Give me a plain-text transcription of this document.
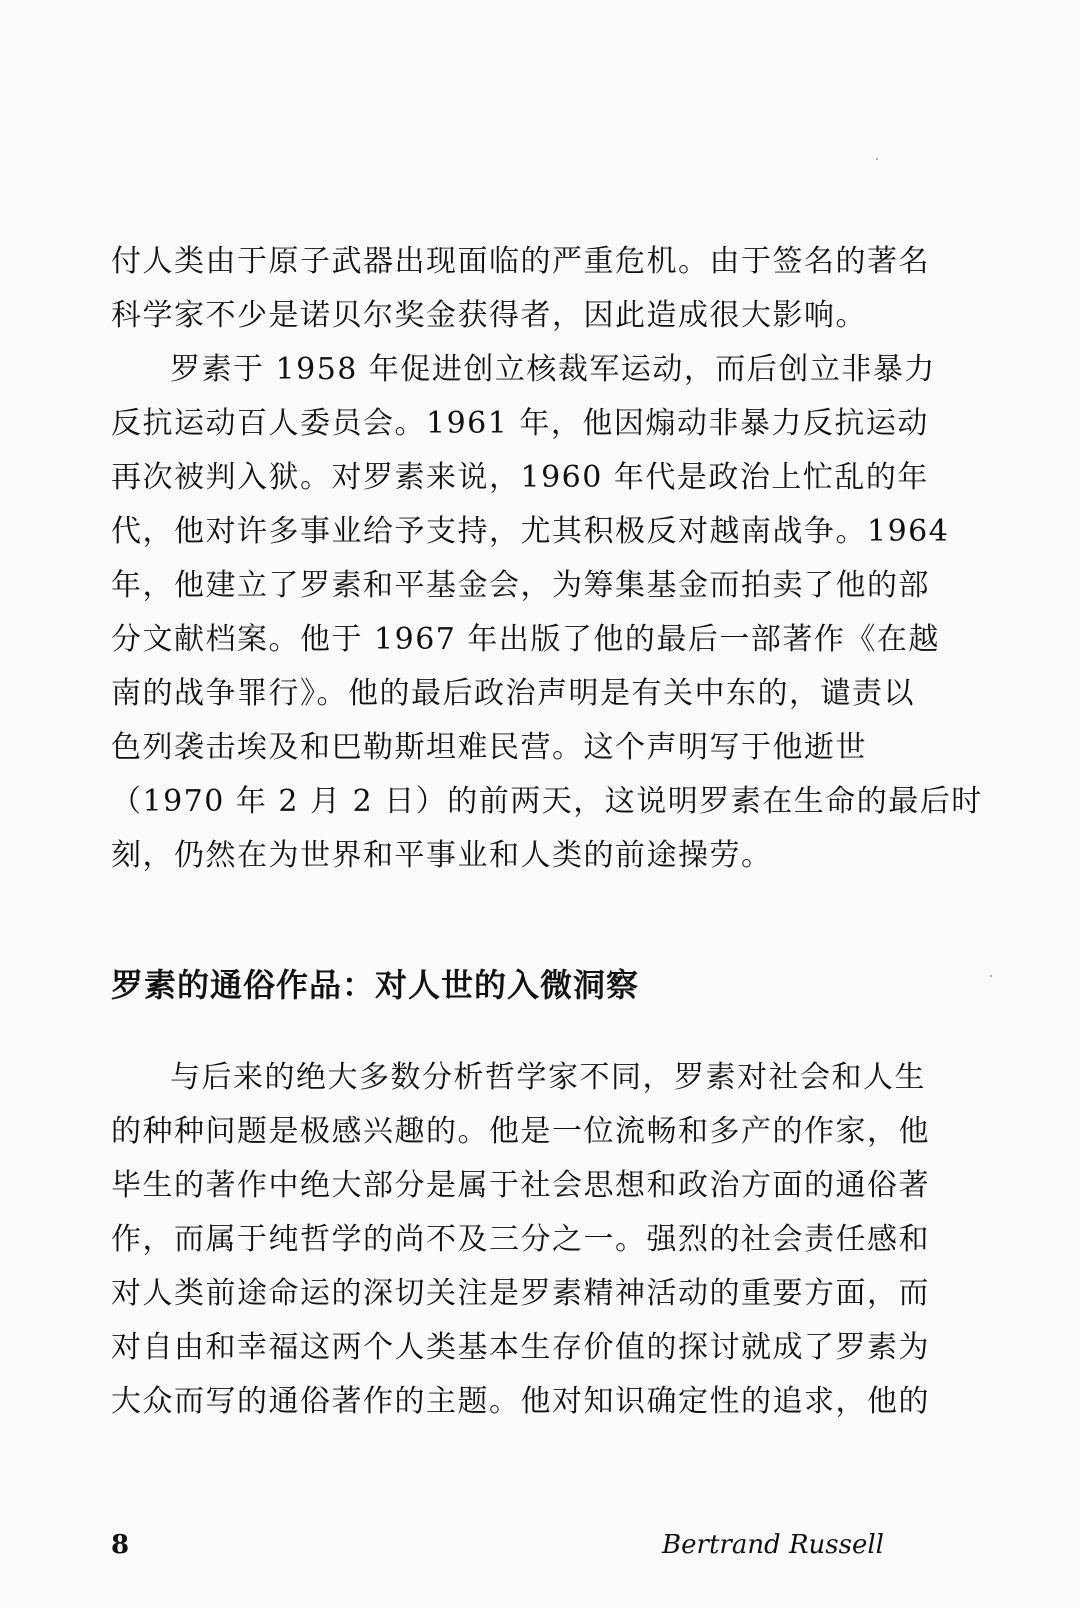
付人类由于原子武器出现面临的严重危机。由于签名的著名
科学家不少是诺贝尔奖金获得者，因此造成很大影响。
罗素于 1958 年促进创立核裁军运动，而后创立非暴力
反抗运动百人委员会。1961 年，他因煽动非暴力反抗运动
再次被判入狱。对罗素来说，1960 年代是政治上忙乱的年
代，他对许多事业给予支持，尤其积极反对越南战争。1964
年，他建立了罗素和平基金会，为筹集基金而拍卖了他的部
分文献档案。他于 1967 年出版了他的最后一部著作《在越
南的战争罪行》。他的最后政治声明是有关中东的，谴责以
色列袭击埃及和巴勒斯坦难民营。这个声明写于他逝世
（1970 年 2 月 2 日）的前两天，这说明罗素在生命的最后时
刻，仍然在为世界和平事业和人类的前途操劳。
罗素的通俗作品：对人世的入微洞察
与后来的绝大多数分析哲学家不同，罗素对社会和人生
的种种问题是极感兴趣的。他是一位流畅和多产的作家，他
毕生的著作中绝大部分是属于社会思想和政治方面的通俗著
作，而属于纯哲学的尚不及三分之一。强烈的社会责任感和
对人类前途命运的深切关注是罗素精神活动的重要方面，而
对自由和幸福这两个人类基本生存价值的探讨就成了罗素为
大众而写的通俗著作的主题。他对知识确定性的追求，他的
8	Bertrand Russell
